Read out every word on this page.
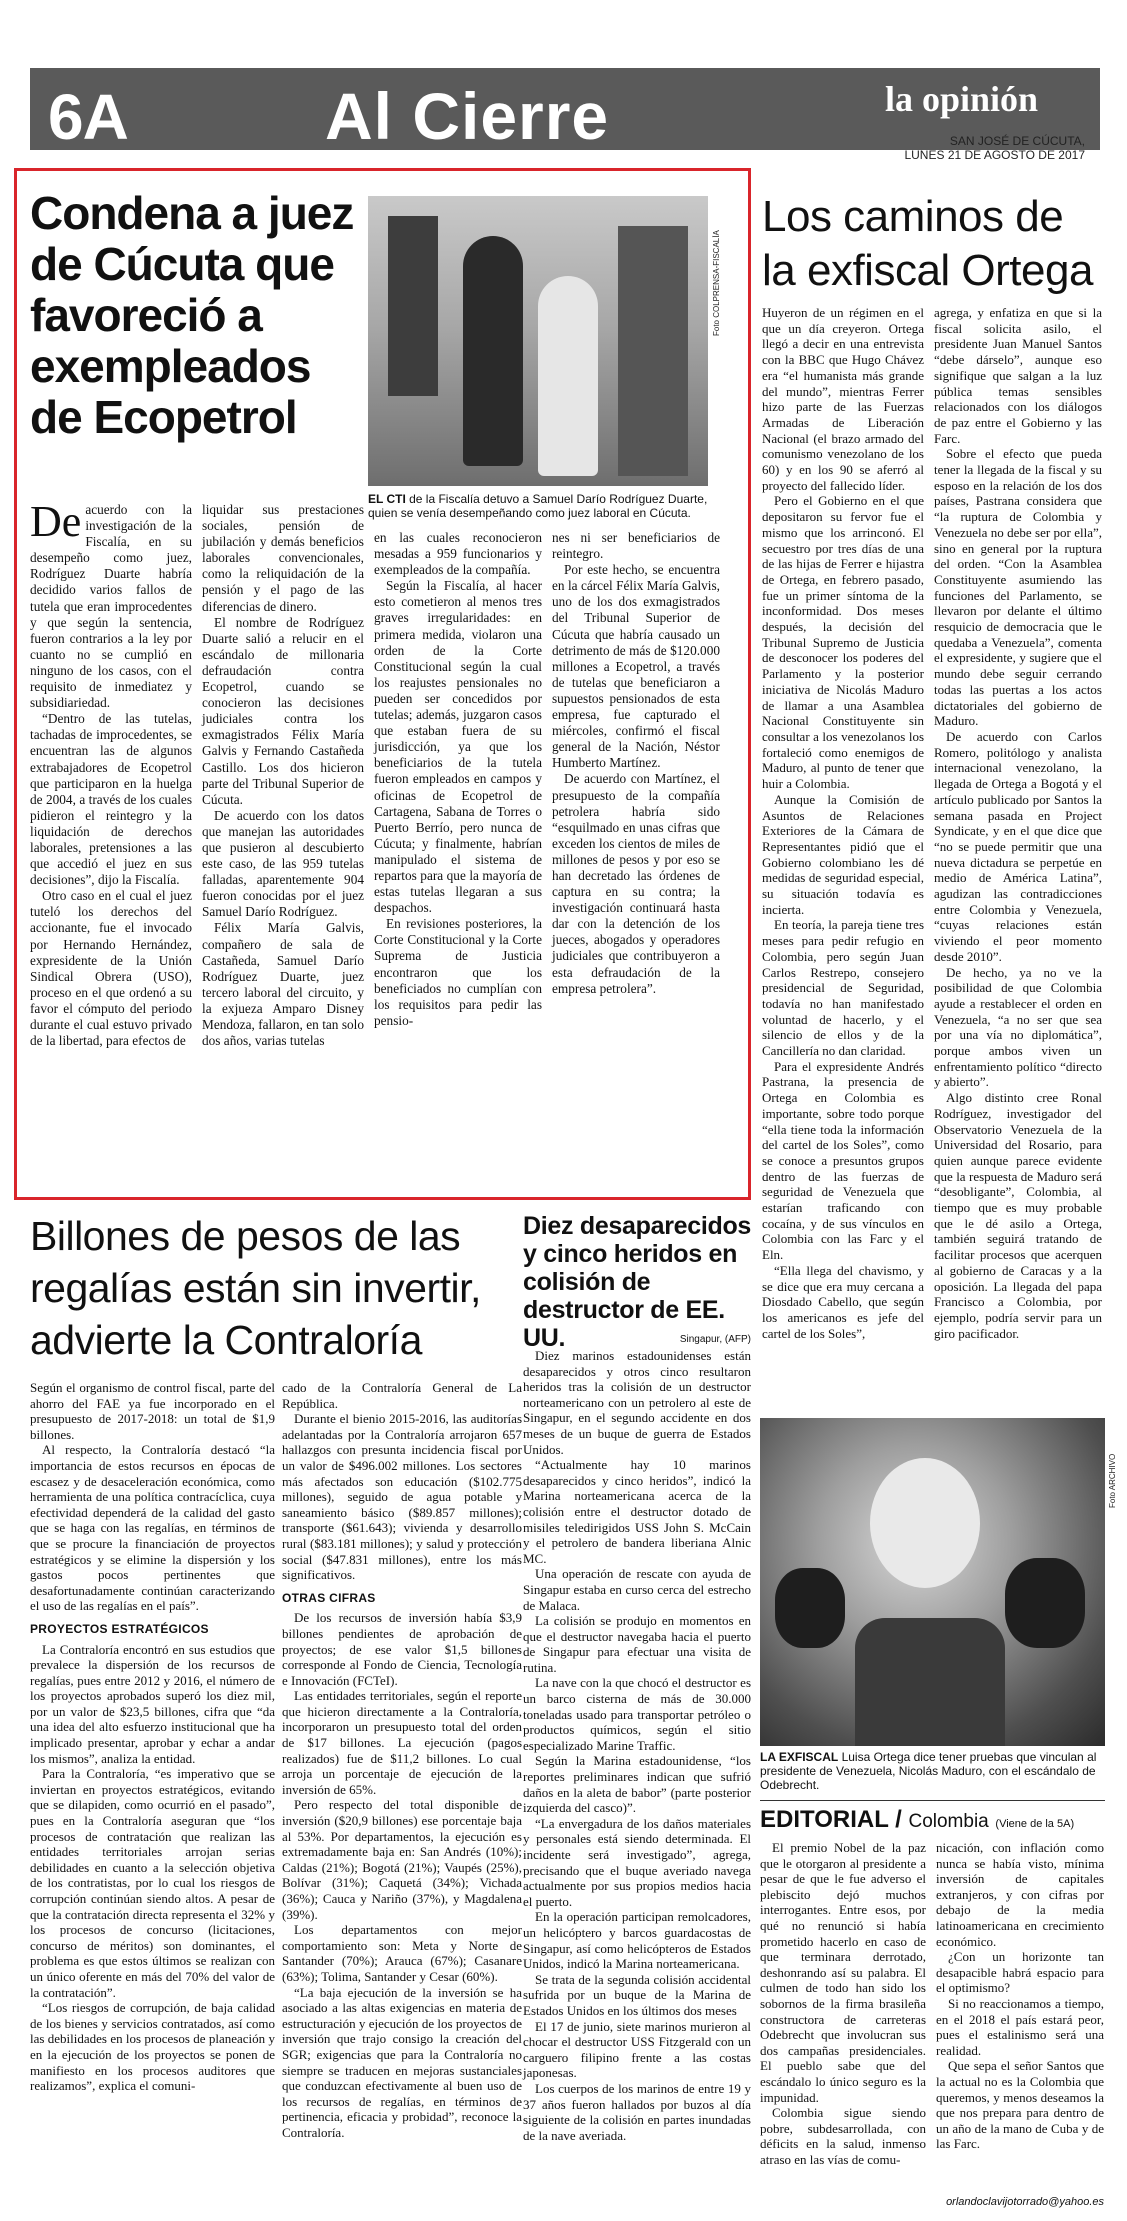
6A	Al Cierre	la opinión
SAN JOSÉ DE CÚCUTA,
LUNES 21 DE AGOSTO DE 2017
Condena a juez de Cúcuta que favoreció a exempleados de Ecopetrol
Foto COLPRENSA-FISCALÍA
EL CTI de la Fiscalía detuvo a Samuel Darío Rodríguez Duarte, quien se venía desempeñando como juez laboral en Cúcuta.

De acuerdo con la investigación de la Fiscalía, en su desempeño como juez, Rodríguez Duarte habría decidido varios fallos de tutela que eran improcedentes y que según la sentencia, fueron contrarios a la ley por cuanto no se cumplió en ninguno de los casos, con el requisito de inmediatez y subsidiariedad.

“Dentro de las tutelas, tachadas de improcedentes, se encuentran las de algunos extrabajadores de Ecopetrol que participaron en la huelga de 2004, a través de los cuales pidieron el reintegro y la liquidación de derechos laborales, pretensiones a las que accedió el juez en sus decisiones”, dijo la Fiscalía.

Otro caso en el cual el juez tuteló los derechos del accionante, fue el invocado por Hernando Hernández, expresidente de la Unión Sindical Obrera (USO), proceso en el que ordenó a su favor el cómputo del periodo durante el cual estuvo privado de la libertad, para efectos de

liquidar sus prestaciones sociales, pensión de jubilación y demás beneficios laborales convencionales, como la reliquidación de la pensión y el pago de las diferencias de dinero.

El nombre de Rodríguez Duarte salió a relucir en el escándalo de millonaria defraudación contra Ecopetrol, cuando se conocieron las decisiones judiciales contra los exmagistrados Félix María Galvis y Fernando Castañeda Castillo. Los dos hicieron parte del Tribunal Superior de Cúcuta.

De acuerdo con los datos que manejan las autoridades que pusieron al descubierto este caso, de las 959 tutelas falladas, aparentemente 904 fueron conocidas por el juez Samuel Darío Rodríguez.

Félix María Galvis, compañero de sala de Castañeda, Samuel Darío Rodríguez Duarte, juez tercero laboral del circuito, y la exjueza Amparo Disney Mendoza, fallaron, en tan solo dos años, varias tutelas

en las cuales reconocieron mesadas a 959 funcionarios y exempleados de la compañía.

Según la Fiscalía, al hacer esto cometieron al menos tres graves irregularidades: en primera medida, violaron una orden de la Corte Constitucional según la cual los reajustes pensionales no pueden ser concedidos por tutelas; además, juzgaron casos que estaban fuera de su jurisdicción, ya que los beneficiarios de la tutela fueron empleados en campos y oficinas de Ecopetrol de Cartagena, Sabana de Torres o Puerto Berrío, pero nunca de Cúcuta; y finalmente, habrían manipulado el sistema de repartos para que la mayoría de estas tutelas llegaran a sus despachos.

En revisiones posteriores, la Corte Constitucional y la Corte Suprema de Justicia encontraron que los beneficiados no cumplían con los requisitos para pedir las pensio-

nes ni ser beneficiarios de reintegro.

Por este hecho, se encuentra en la cárcel Félix María Galvis, uno de los dos exmagistrados del Tribunal Superior de Cúcuta que habría causado un detrimento de más de $120.000 millones a Ecopetrol, a través de tutelas que beneficiaron a supuestos pensionados de esta empresa, fue capturado el miércoles, confirmó el fiscal general de la Nación, Néstor Humberto Martínez.

De acuerdo con Martínez, el presupuesto de la compañía petrolera habría sido “esquilmado en unas cifras que exceden los cientos de miles de millones de pesos y por eso se han decretado las órdenes de captura en su contra; la investigación continuará hasta dar con la detención de los jueces, abogados y operadores judiciales que contribuyeron a esta defraudación de la empresa petrolera”.

Los caminos de la exfiscal Ortega

Huyeron de un régimen en el que un día creyeron. Ortega llegó a decir en una entrevista con la BBC que Hugo Chávez era “el humanista más grande del mundo”, mientras Ferrer hizo parte de las Fuerzas Armadas de Liberación Nacional (el brazo armado del comunismo venezolano de los 60) y en los 90 se aferró al proyecto del fallecido líder.

Pero el Gobierno en el que depositaron su fervor fue el mismo que los arrinconó. El secuestro por tres días de una de las hijas de Ferrer e hijastra de Ortega, en febrero pasado, fue un primer síntoma de la inconformidad. Dos meses después, la decisión del Tribunal Supremo de Justicia de desconocer los poderes del Parlamento y la posterior iniciativa de Nicolás Maduro de llamar a una Asamblea Nacional Constituyente sin consultar a los venezolanos los fortaleció como enemigos de Maduro, al punto de tener que huir a Colombia.

Aunque la Comisión de Asuntos de Relaciones Exteriores de la Cámara de Representantes pidió que el Gobierno colombiano les dé medidas de seguridad especial, su situación todavía es incierta.

En teoría, la pareja tiene tres meses para pedir refugio en Colombia, pero según Juan Carlos Restrepo, consejero presidencial de Seguridad, todavía no han manifestado voluntad de hacerlo, y el silencio de ellos y de la Cancillería no dan claridad.

Para el expresidente Andrés Pastrana, la presencia de Ortega en Colombia es importante, sobre todo porque “ella tiene toda la información del cartel de los Soles”, como se conoce a presuntos grupos dentro de las fuerzas de seguridad de Venezuela que estarían traficando con cocaína, y de sus vínculos en Colombia con las Farc y el Eln.

“Ella llega del chavismo, y se dice que era muy cercana a Diosdado Cabello, que según los americanos es jefe del cartel de los Soles”,

agrega, y enfatiza en que si la fiscal solicita asilo, el presidente Juan Manuel Santos “debe dárselo”, aunque eso signifique que salgan a la luz pública temas sensibles relacionados con los diálogos de paz entre el Gobierno y las Farc.

Sobre el efecto que pueda tener la llegada de la fiscal y su esposo en la relación de los dos países, Pastrana considera que “la ruptura de Colombia y Venezuela no debe ser por ella”, sino en general por la ruptura del orden. “Con la Asamblea Constituyente asumiendo las funciones del Parlamento, se llevaron por delante el último resquicio de democracia que le quedaba a Venezuela”, comenta el expresidente, y sugiere que el mundo debe seguir cerrando todas las puertas a los actos dictatoriales del gobierno de Maduro.

De acuerdo con Carlos Romero, politólogo y analista internacional venezolano, la llegada de Ortega a Bogotá y el artículo publicado por Santos la semana pasada en Project Syndicate, y en el que dice que “no se puede permitir que una nueva dictadura se perpetúe en medio de América Latina”, agudizan las contradicciones entre Colombia y Venezuela, “cuyas relaciones están viviendo el peor momento desde 2010”.

De hecho, ya no ve la posibilidad de que Colombia ayude a restablecer el orden en Venezuela, “a no ser que sea por una vía no diplomática”, porque ambos viven un enfrentamiento político “directo y abierto”.

Algo distinto cree Ronal Rodríguez, investigador del Observatorio Venezuela de la Universidad del Rosario, para quien aunque parece evidente que la respuesta de Maduro será “desobligante”, Colombia, al tiempo que es muy probable que le dé asilo a Ortega, también seguirá tratando de facilitar procesos que acerquen al gobierno de Caracas y a la oposición. La llegada del papa Francisco a Colombia, por ejemplo, podría servir para un giro pacificador.

Billones de pesos de las regalías están sin invertir, advierte la Contraloría

Según el organismo de control fiscal, parte del ahorro del FAE ya fue incorporado en el presupuesto de 2017-2018: un total de $1,9 billones.

Al respecto, la Contraloría destacó “la importancia de estos recursos en épocas de escasez y de desaceleración económica, como herramienta de una política contracíclica, cuya efectividad dependerá de la calidad del gasto que se haga con las regalías, en términos de que se procure la financiación de proyectos estratégicos y se elimine la dispersión y los gastos pocos pertinentes que desafortunadamente continúan caracterizando el uso de las regalías en el país”.

PROYECTOS ESTRATÉGICOS

La Contraloría encontró en sus estudios que prevalece la dispersión de los recursos de regalías, pues entre 2012 y 2016, el número de los proyectos aprobados superó los diez mil, por un valor de $23,5 billones, cifra que “da una idea del alto esfuerzo institucional que ha implicado presentar, aprobar y echar a andar los mismos”, analiza la entidad.

Para la Contraloría, “es imperativo que se inviertan en proyectos estratégicos, evitando que se dilapiden, como ocurrió en el pasado”, pues en la Contraloría aseguran que “los procesos de contratación que realizan las entidades territoriales arrojan serias debilidades en cuanto a la selección objetiva de los contratistas, por lo cual los riesgos de corrupción continúan siendo altos. A pesar de que la contratación directa representa el 32% y los procesos de concurso (licitaciones, concurso de méritos) son dominantes, el problema es que estos últimos se realizan con un único oferente en más del 70% del valor de la contratación”.

“Los riesgos de corrupción, de baja calidad de los bienes y servicios contratados, así como las debilidades en los procesos de planeación y en la ejecución de los proyectos se ponen de manifiesto en los procesos auditores que realizamos”, explica el comuni-

cado de la Contraloría General de La República.

Durante el bienio 2015-2016, las auditorías adelantadas por la Contraloría arrojaron 657 hallazgos con presunta incidencia fiscal por un valor de $496.002 millones. Los sectores más afectados son educación ($102.775 millones), seguido de agua potable y saneamiento básico ($89.857 millones); transporte ($61.643); vivienda y desarrollo rural ($83.181 millones); y salud y protección social ($47.831 millones), entre los más significativos.

OTRAS CIFRAS

De los recursos de inversión había $3,9 billones pendientes de aprobación de proyectos; de ese valor $1,5 billones corresponde al Fondo de Ciencia, Tecnología e Innovación (FCTeI).

Las entidades territoriales, según el reporte que hicieron directamente a la Contraloría, incorporaron un presupuesto total del orden de $17 billones. La ejecución (pagos realizados) fue de $11,2 billones. Lo cual arroja un porcentaje de ejecución de la inversión de 65%.

Pero respecto del total disponible de inversión ($20,9 billones) ese porcentaje baja al 53%. Por departamentos, la ejecución es extremadamente baja en: San Andrés (10%); Caldas (21%); Bogotá (21%); Vaupés (25%), Bolívar (31%); Caquetá (34%); Vichada (36%); Cauca y Nariño (37%), y Magdalena (39%).

Los departamentos con mejor comportamiento son: Meta y Norte de Santander (70%); Arauca (67%); Casanare (63%); Tolima, Santander y Cesar (60%).

“La baja ejecución de la inversión se ha asociado a las altas exigencias en materia de estructuración y ejecución de los proyectos de inversión que trajo consigo la creación del SGR; exigencias que para la Contraloría no siempre se traducen en mejoras sustanciales que conduzcan efectivamente al buen uso de los recursos de regalías, en términos de pertinencia, eficacia y probidad”, reconoce la Contraloría.

Diez desaparecidos y cinco heridos en colisión de destructor de EE. UU.	Singapur, (AFP)

Diez marinos estadounidenses están desaparecidos y otros cinco resultaron heridos tras la colisión de un destructor norteamericano con un petrolero al este de Singapur, en el segundo accidente en dos meses de un buque de guerra de Estados Unidos.

“Actualmente hay 10 marinos desaparecidos y cinco heridos”, indicó la Marina norteamericana acerca de la colisión entre el destructor dotado de misiles teledirigidos USS John S. McCain y el petrolero de bandera liberiana Alnic MC.

Una operación de rescate con ayuda de Singapur estaba en curso cerca del estrecho de Malaca.

La colisión se produjo en momentos en que el destructor navegaba hacia el puerto de Singapur para efectuar una visita de rutina.

La nave con la que chocó el destructor es un barco cisterna de más de 30.000 toneladas usado para transportar petróleo o productos químicos, según el sitio especializado Marine Traffic.

Según la Marina estadounidense, “los reportes preliminares indican que sufrió daños en la aleta de babor” (parte posterior izquierda del casco)”.

“La envergadura de los daños materiales y personales está siendo determinada. El incidente será investigado”, agrega, precisando que el buque averiado navega actualmente por sus propios medios hacia el puerto.

En la operación participan remolcadores, un helicóptero y barcos guardacostas de Singapur, así como helicópteros de Estados Unidos, indicó la Marina norteamericana.

Se trata de la segunda colisión accidental sufrida por un buque de la Marina de Estados Unidos en los últimos dos meses

El 17 de junio, siete marinos murieron al chocar el destructor USS Fitzgerald con un carguero filipino frente a las costas japonesas.

Los cuerpos de los marinos de entre 19 y 37 años fueron hallados por buzos al día siguiente de la colisión en partes inundadas de la nave averiada.

Foto ARCHIVO
LA EXFISCAL Luisa Ortega dice tener pruebas que vinculan al presidente de Venezuela, Nicolás Maduro, con el escándalo de Odebrecht.
EDITORIAL / Colombia (Viene de la 5A)

El premio Nobel de la paz que le otorgaron al presidente a pesar de que le fue adverso el plebiscito dejó muchos interrogantes. Entre esos, por qué no renunció si había prometido hacerlo en caso de que terminara derrotado, deshonrando así su palabra. El culmen de todo han sido los sobornos de la firma brasileña constructora de carreteras Odebrecht que involucran sus dos campañas presidenciales. El pueblo sabe que del escándalo lo único seguro es la impunidad.

Colombia sigue siendo pobre, subdesarrollada, con déficits en la salud, inmenso atraso en las vías de comu-

nicación, con inflación como nunca se había visto, mínima inversión de capitales extranjeros, y con cifras por debajo de la media latinoamericana en crecimiento económico.

¿Con un horizonte tan desapacible habrá espacio para el optimismo?

Si no reaccionamos a tiempo, en el 2018 el país estará peor, pues el estalinismo será una realidad.

Que sepa el señor Santos que la actual no es la Colombia que queremos, y menos deseamos la que nos prepara para dentro de un año de la mano de Cuba y de las Farc.

orlandoclavijotorrado@yahoo.es
